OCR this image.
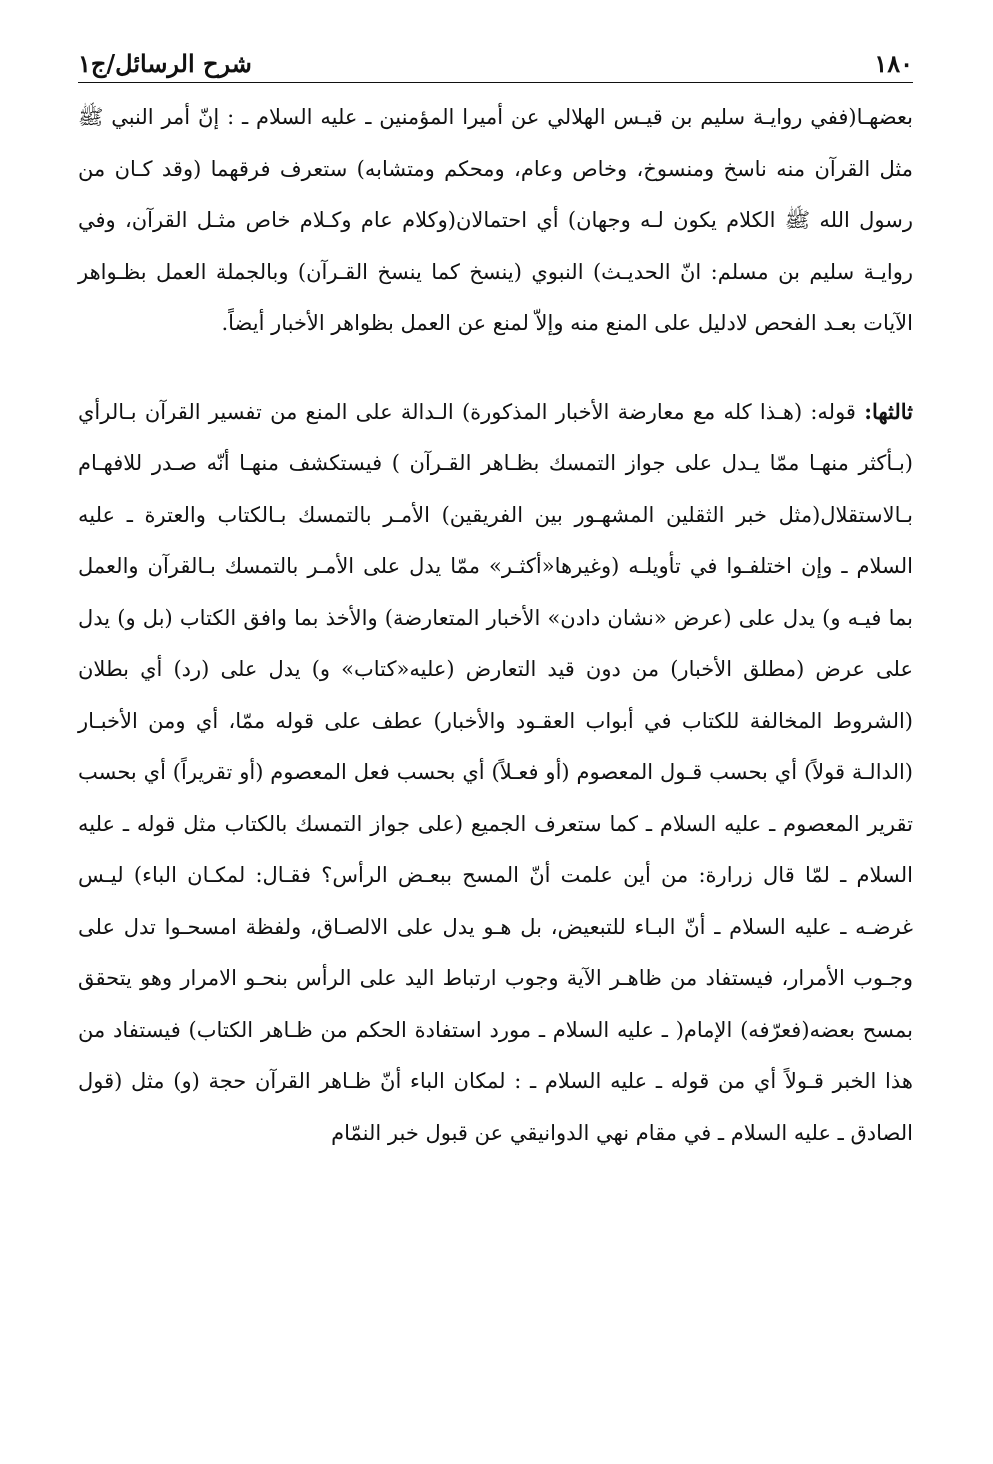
١٨٠
شرح الرسائل/ج١

بعضهـا(ففي روايـة سليم بن قيـس الهلالي عن أميرا المؤمنين ـ عليه السلام ـ : إنّ أمر النبي ﷺ مثل القرآن منه ناسخ ومنسوخ، وخاص وعام، ومحكم ومتشابه) ستعرف فرقهما (وقد كـان من رسول الله ﷺ الكلام يكون لـه وجهان) أي احتمالان(وكلام عام وكـلام خاص مثـل القرآن، وفي روايـة سليم بن مسلم: انّ الحديـث) النبوي (ينسخ كما ينسخ القـرآن) وبالجملة العمل بظـواهر الآيات بعـد الفحص لادليل على المنع منه وإلاّ لمنع عن العمل بظواهر الأخبار أيضاً.

ثالثها: قوله: (هـذا كله مع معارضة الأخبار المذكورة) الـدالة على المنع من تفسير القرآن بـالرأي (بـأكثر منهـا ممّا يـدل على جواز التمسك بظـاهر القـرآن ) فيستكشف منهـا أنّه صـدر للافهـام بـالاستقلال(مثل خبر الثقلين المشهـور بين الفريقين) الأمـر بالتمسك بـالكتاب والعترة ـ عليه السلام ـ وإن اختلفـوا في تأويلـه (وغيرها«أكثـر» ممّا يدل على الأمـر بالتمسك بـالقرآن والعمل بما فيـه و) يدل على (عرض «نشان دادن» الأخبار المتعارضة) والأخذ بما وافق الكتاب (بل و) يدل على عرض (مطلق الأخبار) من دون قيد التعارض (عليه«كتاب» و) يدل على (رد) أي بطلان (الشروط المخالفة للكتاب في أبواب العقـود والأخبار) عطف على قوله ممّا، أي ومن الأخبـار (الدالـة قولاً) أي بحسب قـول المعصوم (أو فعـلاً) أي بحسب فعل المعصوم (أو تقريراً) أي بحسب تقرير المعصوم ـ عليه السلام ـ كما ستعرف الجميع (على جواز التمسك بالكتاب مثل قوله ـ عليه السلام ـ لمّا قال زرارة: من أين علمت أنّ المسح ببعـض الرأس؟ فقـال: لمكـان الباء) ليـس غرضـه ـ عليه السلام ـ أنّ البـاء للتبعيض، بل هـو يدل على الالصـاق، ولفظة امسحـوا تدل على وجـوب الأمرار، فيستفاد من ظاهـر الآية وجوب ارتباط اليد على الرأس بنحـو الامرار وهو يتحقق بمسح بعضه(فعرّفه) الإمام( ـ عليه السلام ـ مورد استفادة الحكم من ظـاهر الكتاب) فيستفاد من هذا الخبر قـولاً أي من قوله ـ عليه السلام ـ : لمكان الباء أنّ ظـاهر القرآن حجة (و) مثل (قول الصادق ـ عليه السلام ـ في مقام نهي الدوانيقي عن قبول خبر النمّام
